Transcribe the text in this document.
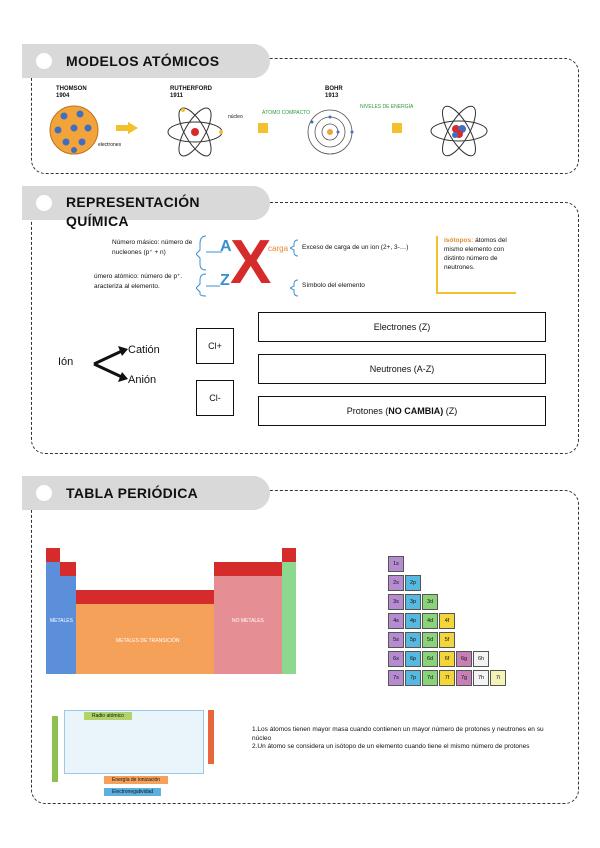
MODELOS ATÓMICOS
THOMSON
1904
electrones
RUTHERFORD
1911
núcleo
BOHR
1913
ÁTOMO COMPACTO
NIVELES DE ENERGÍA
REPRESENTACIÓN QUÍMICA
Número másico: número de nucleones (p⁺ + n)
úmero atómico: número de p⁺. aracteriza al elemento.
A
Z X
carga Exceso de carga de un ion (2+, 3-…)
Símbolo del elemento
isótopos: átomos del mismo elemento con distinto número de neutrones.
Ión
Catión
Anión
Cl+
Cl-
Electrones (Z)
Neutrones (A-Z)
Protones (NO CAMBIA) (Z)
TABLA PERIÓDICA
METALES
METALES DE TRANSICIÓN
NO METALES
Radio atómico
Energía de ionización
Electronegatividad
1s
2s	2p
3s	3p	3d
4s	4p	4d	4f
5s	5p	5d	5f
6s	6p	6d	6f	6g	6h
7s	7p	7d	7f	7g	7h	7i
1.Los átomos tienen mayor masa cuando contienen un mayor número de protones y neutrones en su núcleo
2.Un átomo se considera un isótopo de un elemento cuando tiene el mismo número de protones
